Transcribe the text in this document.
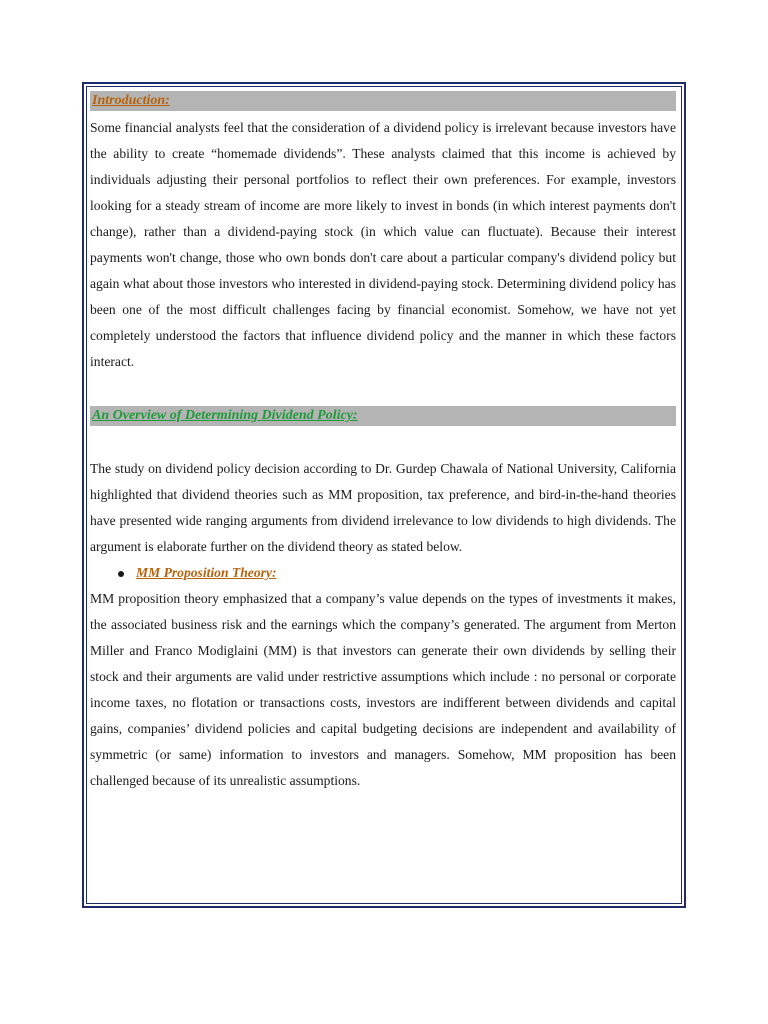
Introduction:

Some financial analysts feel that the consideration of a dividend policy is irrelevant because investors have the ability to create “homemade dividends”. These analysts claimed that this income is achieved by individuals adjusting their personal portfolios to reflect their own preferences. For example, investors looking for a steady stream of income are more likely to invest in bonds (in which interest payments don't change), rather than a dividend-paying stock (in which value can fluctuate). Because their interest payments won't change, those who own bonds don't care about a particular company's dividend policy but again what about those investors who interested in dividend-paying stock. Determining dividend policy has been one of the most difficult challenges facing by financial economist. Somehow, we have not yet completely understood the factors that influence dividend policy and the manner in which these factors interact.

An Overview of Determining Dividend Policy:

The study on dividend policy decision according to Dr. Gurdep Chawala of National University, California highlighted that dividend theories such as MM proposition, tax preference, and bird-in-the-hand theories have presented wide ranging arguments from dividend irrelevance to low dividends to high dividends. The argument is elaborate further on the dividend theory as stated below.

MM Proposition Theory:

MM proposition theory emphasized that a company’s value depends on the types of investments it makes, the associated business risk and the earnings which the company’s generated. The argument from Merton Miller and Franco Modiglaini (MM) is that investors can generate their own dividends by selling their stock and their arguments are valid under restrictive assumptions which include : no personal or corporate income taxes, no flotation or transactions costs, investors are indifferent between dividends and capital gains, companies’ dividend policies and capital budgeting decisions are independent and availability of symmetric (or same) information to investors and managers. Somehow, MM proposition has been challenged because of its unrealistic assumptions.
